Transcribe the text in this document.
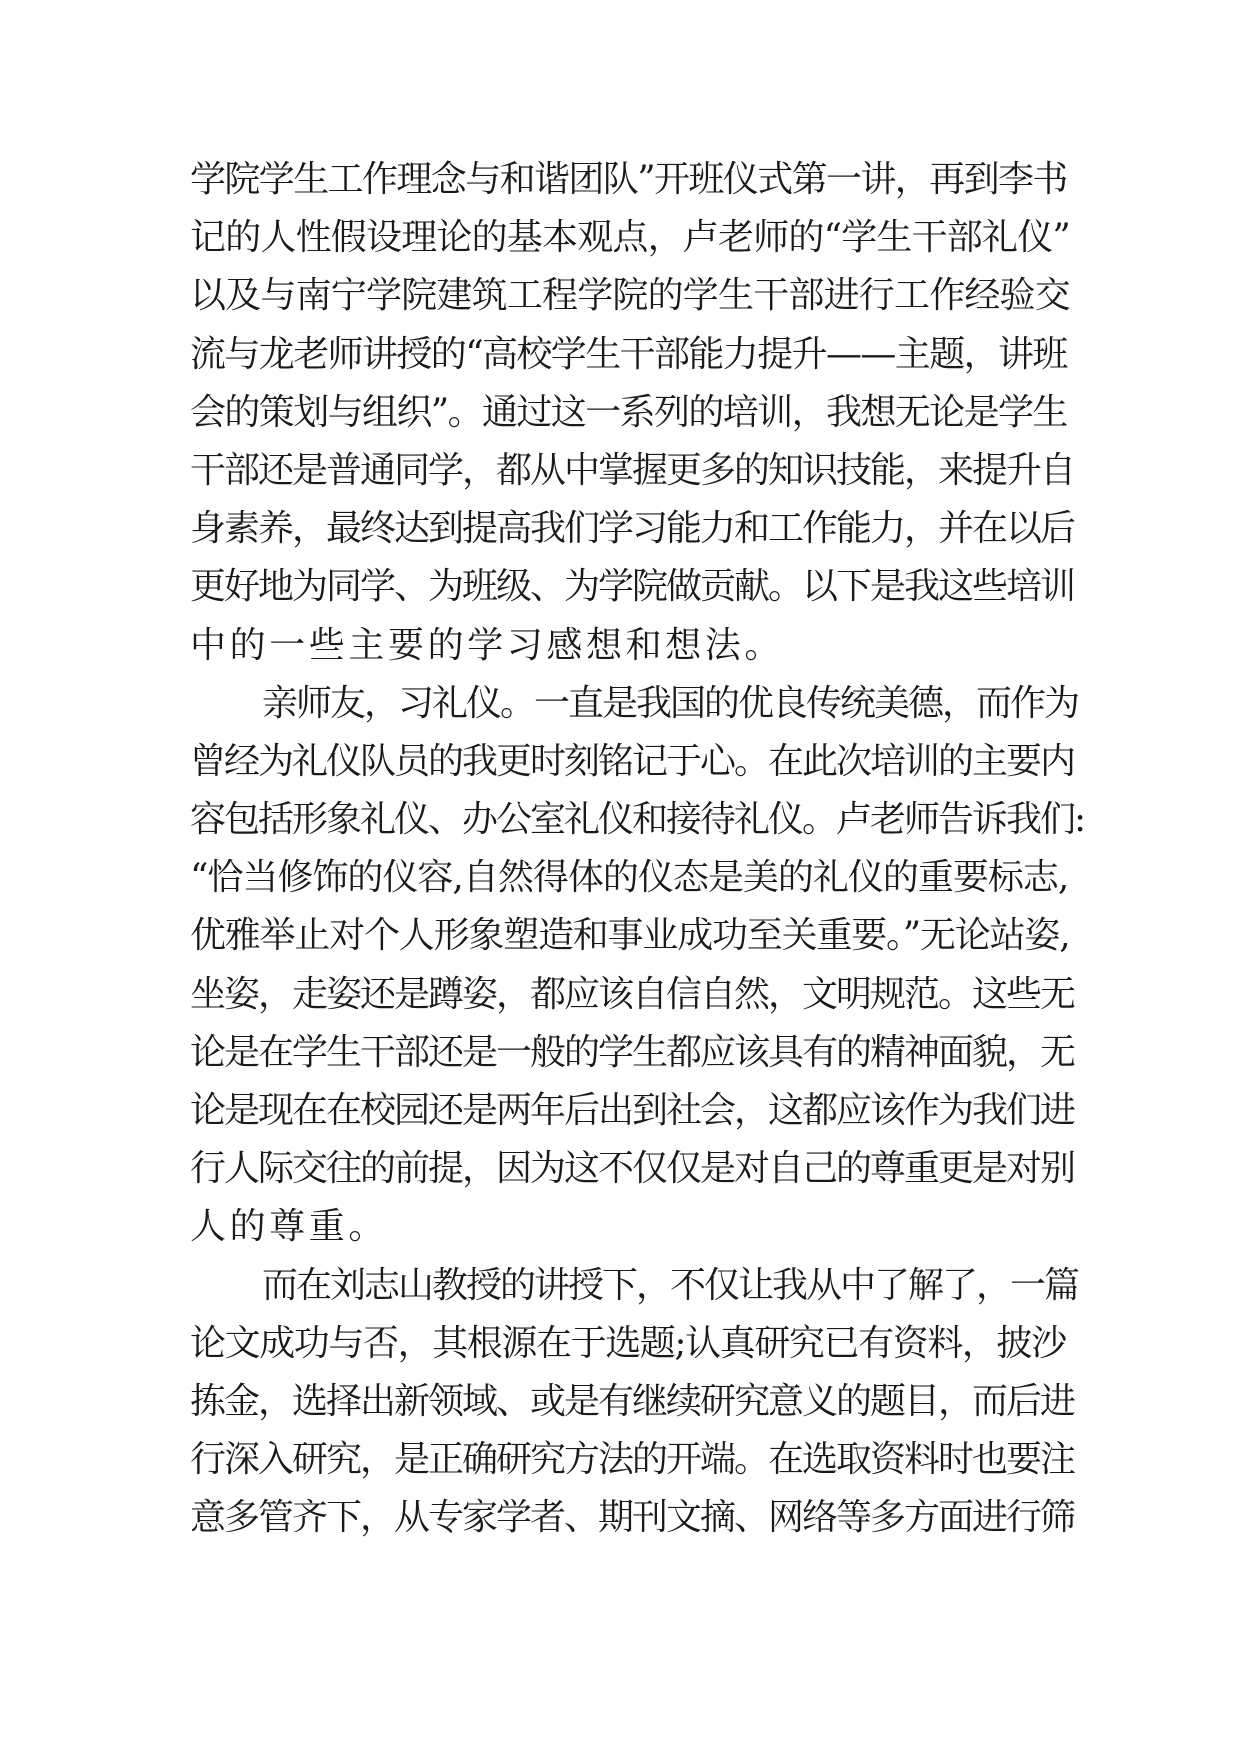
学院学生工作理念与和谐团队”开班仪式第一讲，再到李书
记的人性假设理论的基本观点，卢老师的“学生干部礼仪”
以及与南宁学院建筑工程学院的学生干部进行工作经验交
流与龙老师讲授的“高校学生干部能力提升——主题，讲班
会的策划与组织”。通过这一系列的培训，我想无论是学生
干部还是普通同学，都从中掌握更多的知识技能，来提升自
身素养，最终达到提高我们学习能力和工作能力，并在以后
更好地为同学、为班级、为学院做贡献。以下是我这些培训
中的一些主要的学习感想和想法。
亲师友，习礼仪。一直是我国的优良传统美德，而作为
曾经为礼仪队员的我更时刻铭记于心。在此次培训的主要内
容包括形象礼仪、办公室礼仪和接待礼仪。卢老师告诉我们:
“恰当修饰的仪容,自然得体的仪态是美的礼仪的重要标志,
优雅举止对个人形象塑造和事业成功至关重要。”无论站姿,
坐姿，走姿还是蹲姿，都应该自信自然，文明规范。这些无
论是在学生干部还是一般的学生都应该具有的精神面貌，无
论是现在在校园还是两年后出到社会，这都应该作为我们进
行人际交往的前提，因为这不仅仅是对自己的尊重更是对别
人的尊重。
而在刘志山教授的讲授下，不仅让我从中了解了，一篇
论文成功与否，其根源在于选题;认真研究已有资料，披沙
拣金，选择出新领域、或是有继续研究意义的题目，而后进
行深入研究，是正确研究方法的开端。在选取资料时也要注
意多管齐下，从专家学者、期刊文摘、网络等多方面进行筛
